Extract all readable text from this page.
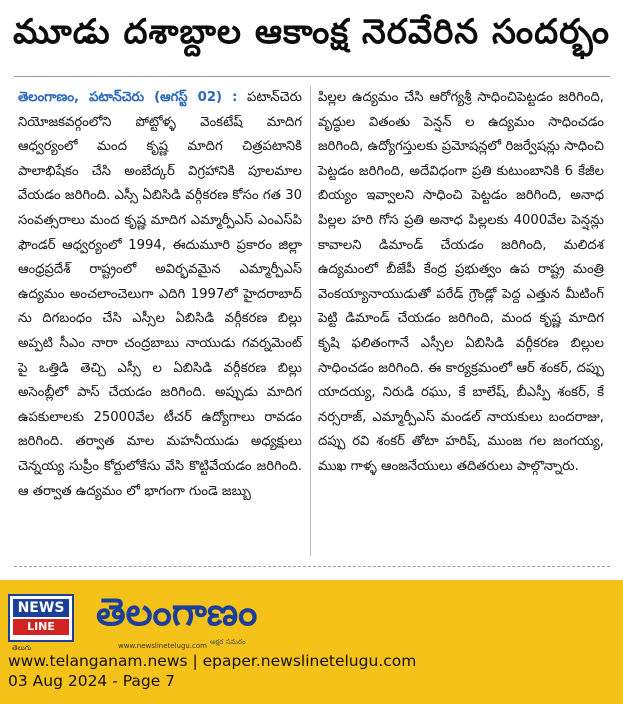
మూడు దశాబ్దాల ఆకాంక్ష నెరవేరిన సందర్భం
తెలంగాణం, పటాన్‌చెరు (ఆగస్ట్ 02) : పటాన్‌చెరు నియోజకవర్గంలోని పోట్టోళ్ళ వెంకటేష్ మాదిగ ఆధ్వర్యంలో మంద కృష్ణ మాదిగ చిత్రపటానికి పాలాభిషేకం చేసి అంబేద్కర్ విగ్రహానికి పూలమాల వేయడం జరిగింది. ఎస్సీ ఏబిసిడి వర్గీకరణ కోసం గత 30 సంవత్సరాలు మంద కృష్ణ మాదిగ ఎమ్మార్పీఎస్ ఎంఎస్‌పి ఫౌండర్ ఆధ్వర్యంలో 1994, ఈదుమూరి ప్రకారం జిల్లా ఆంధ్రప్రదేశ్ రాష్ట్రంలో అవిర్భవమైన ఎమ్మార్పీఎస్ ఉద్యమం అంచలాంచెలుగా ఎదిగి 1997లో హైదరాబాద్ ను దిగబంధం చేసి ఎస్సీల ఏబిసిడి వర్గీకరణ బిల్లు అప్పటి సీఎం నారా చంద్రబాబు నాయుడు గవర్నమెంట్ పై ఒత్తిడి తెచ్చి ఎస్సీ ల ఏబిసిడి వర్గీకరణ బిల్లు అసెంబ్లీలో పాస్ చేయడం జరిగింది. అప్పుడు మాదిగ ఉపకులాలకు 25000వేల టీచర్ ఉద్యోగాలు రావడం జరిగింది. తర్వాత మాల మహనీయుడు అధ్యక్షులు చెన్నయ్య సుప్రీం కోర్టులోకేసు వేసి కొట్టివేయడం జరిగింది. ఆ తర్వాత ఉద్యమం లో భాగంగా గుండె జబ్బు
పిల్లల ఉద్యమం చేసి ఆరోగ్యశ్రీ సాధించిపెట్టడం జరిగింది, వృద్ధుల వితంతు పెన్షన్ ల ఉద్యమం సాధించడం జరిగింది, ఉద్యోగస్తులకు ప్రమోషన్లలో రిజర్వేషన్లు సాధించి పెట్టడం జరిగింది, అదేవిధంగా ప్రతి కుటుంబానికి 6 కేజీల బియ్యం ఇవ్వాలని సాధించి పెట్టడం జరిగింది, అనాధ పిల్లల హరి గోస ప్రతి అనాధ పిల్లలకు 4000వేల పెన్షన్లు కావాలని డిమాండ్ చేయడం జరిగింది, మలిదశ ఉద్యమంలో బీజేపీ కేంద్ర ప్రభుత్వం ఉప రాష్ట్ర మంత్రి వెంకయ్యానాయుడుతో పరేడ్ గ్రౌండ్లో పెద్ద ఎత్తున మీటింగ్ పెట్టి డిమాండ్ చేయడం జరిగింది, మంద కృష్ణ మాదిగ కృషి ఫలితంగానే ఎస్సీల ఏబిసిడి వర్గీకరణ బిల్లుల సాధించడం జరిగింది. ఈ కార్యక్రమంలో ఆర్ శంకర్, దప్పు యాదయ్య, నిరుడి రఘు, కే బాలేష్, బీఎస్పీ శంకర్, కే నర్సరాజ్, ఎమ్మార్పీఎస్ మండల్ నాయకులు బందరాజు, దప్పు రవి శంకర్ తోటా హరిష్, ముంజ గల జంగయ్య, ముఖ గాళ్ళ ఆంజనేయులు తదితరులు పాల్గొన్నారు.
NEWS
LINE
తెలుగు
తెలంగాణం
www.newslinetelugu.com అక్షర సమరం
www.telanganam.news | epaper.newslinetelugu.com
03 Aug 2024 - Page 7
